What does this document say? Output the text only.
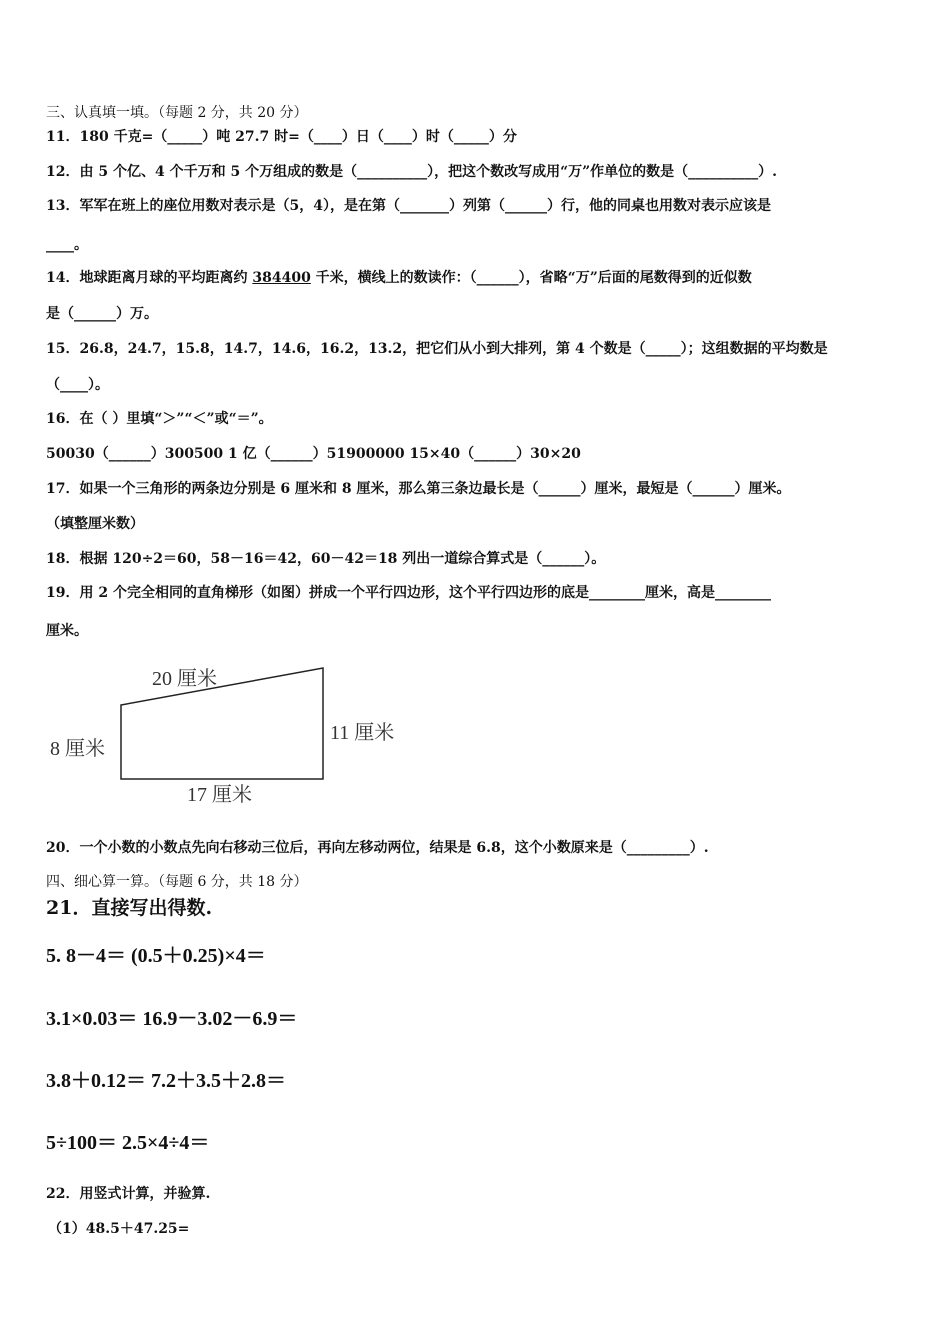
三、认真填一填。（每题 2 分，共 20 分）
11．180 千克=（_____）吨 27.7 时=（____）日（____）时（_____）分
12．由 5 个亿、4 个千万和 5 个万组成的数是（__________），把这个数改写成用“万”作单位的数是（__________）.
13．军军在班上的座位用数对表示是（5，4），是在第（_______）列第（______）行，他的同桌也用数对表示应该是
____。
14．地球距离月球的平均距离约 384400 千米，横线上的数读作：（______），省略“万”后面的尾数得到的近似数
是（______）万。
15．26.8，24.7，15.8，14.7，14.6，16.2，13.2，把它们从小到大排列，第 4 个数是（_____）；这组数据的平均数是
（____）。
16．在（ ）里填“＞”“＜”或“＝”。
50030（______）300500 1 亿（______）51900000 15×40（______）30×20
17．如果一个三角形的两条边分别是 6 厘米和 8 厘米，那么第三条边最长是（______）厘米，最短是（______）厘米。
（填整厘米数）
18．根据 120÷2＝60，58－16＝42，60－42＝18 列出一道综合算式是（______）。
19．用 2 个完全相同的直角梯形（如图）拼成一个平行四边形，这个平行四边形的底是________厘米，高是________
厘米。
20 厘米
8 厘米
11 厘米
17 厘米
20．一个小数的小数点先向右移动三位后，再向左移动两位，结果是 6.8，这个小数原来是（_________）.
四、细心算一算。（每题 6 分，共 18 分）
21．直接写出得数.
5. 8－4＝ (0.5＋0.25)×4＝
3.1×0.03＝ 16.9－3.02－6.9＝
3.8＋0.12＝ 7.2＋3.5＋2.8＝
5÷100＝ 2.5×4÷4＝
22．用竖式计算，并验算.
（1）48.5＋47.25=
